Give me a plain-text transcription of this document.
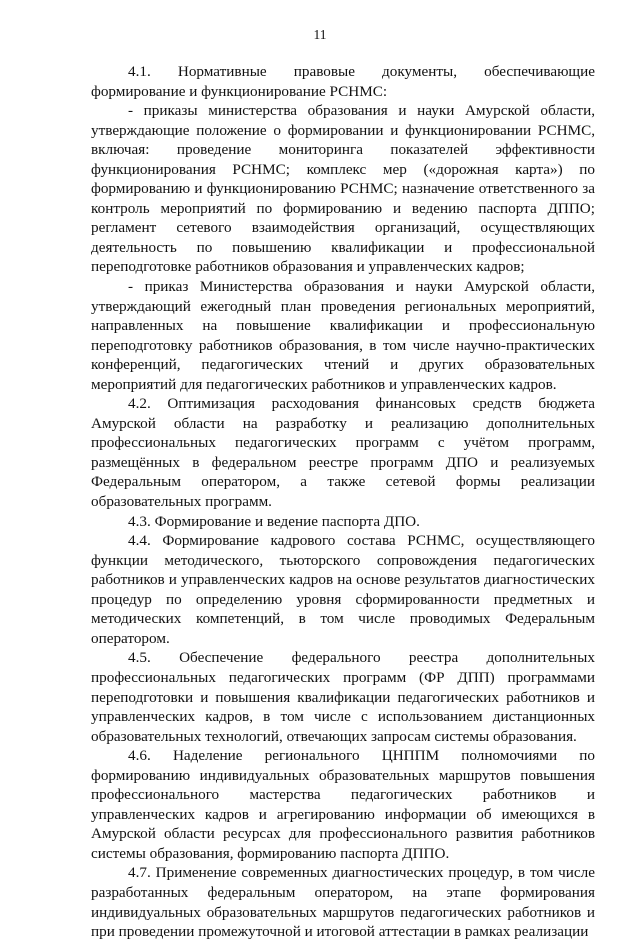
11

4.1. Нормативные правовые документы, обеспечивающие формирование и функционирование РСНМС:

- приказы министерства образования и науки Амурской области, утверждающие положение о формировании и функционировании РСНМС, включая: проведение мониторинга показателей эффективности функционирования РСНМС; комплекс мер («дорожная карта») по формированию и функционированию РСНМС; назначение ответственного за контроль мероприятий по формированию и ведению паспорта ДППО; регламент сетевого взаимодействия организаций, осуществляющих деятельность по повышению квалификации и профессиональной переподготовке работников образования и управленческих кадров;

- приказ Министерства образования и науки Амурской области, утверждающий ежегодный план проведения региональных мероприятий, направленных на повышение квалификации и профессиональную переподготовку работников образования, в том числе научно-практических конференций, педагогических чтений и других образовательных мероприятий для педагогических работников и управленческих кадров.

4.2. Оптимизация расходования финансовых средств бюджета Амурской области на разработку и реализацию дополнительных профессиональных педагогических программ с учётом программ, размещённых в федеральном реестре программ ДПО и реализуемых Федеральным оператором, а также сетевой формы реализации образовательных программ.

4.3. Формирование и ведение паспорта ДПО.

4.4. Формирование кадрового состава РСНМС, осуществляющего функции методического, тьюторского сопровождения педагогических работников и управленческих кадров на основе результатов диагностических процедур по определению уровня сформированности предметных и методических компетенций, в том числе проводимых Федеральным оператором.

4.5. Обеспечение федерального реестра дополнительных профессиональных педагогических программ (ФР ДПП) программами переподготовки и повышения квалификации педагогических работников и управленческих кадров, в том числе с использованием дистанционных образовательных технологий, отвечающих запросам системы образования.

4.6. Наделение регионального ЦНППМ полномочиями по формированию индивидуальных образовательных маршрутов повышения профессионального мастерства педагогических работников и управленческих кадров и агрегированию информации об имеющихся в Амурской области ресурсах для профессионального развития работников системы образования, формированию паспорта ДППО.

4.7. Применение современных диагностических процедур, в том числе разработанных федеральным оператором, на этапе формирования индивидуальных образовательных маршрутов педагогических работников и при проведении промежуточной и итоговой аттестации в рамках реализации
